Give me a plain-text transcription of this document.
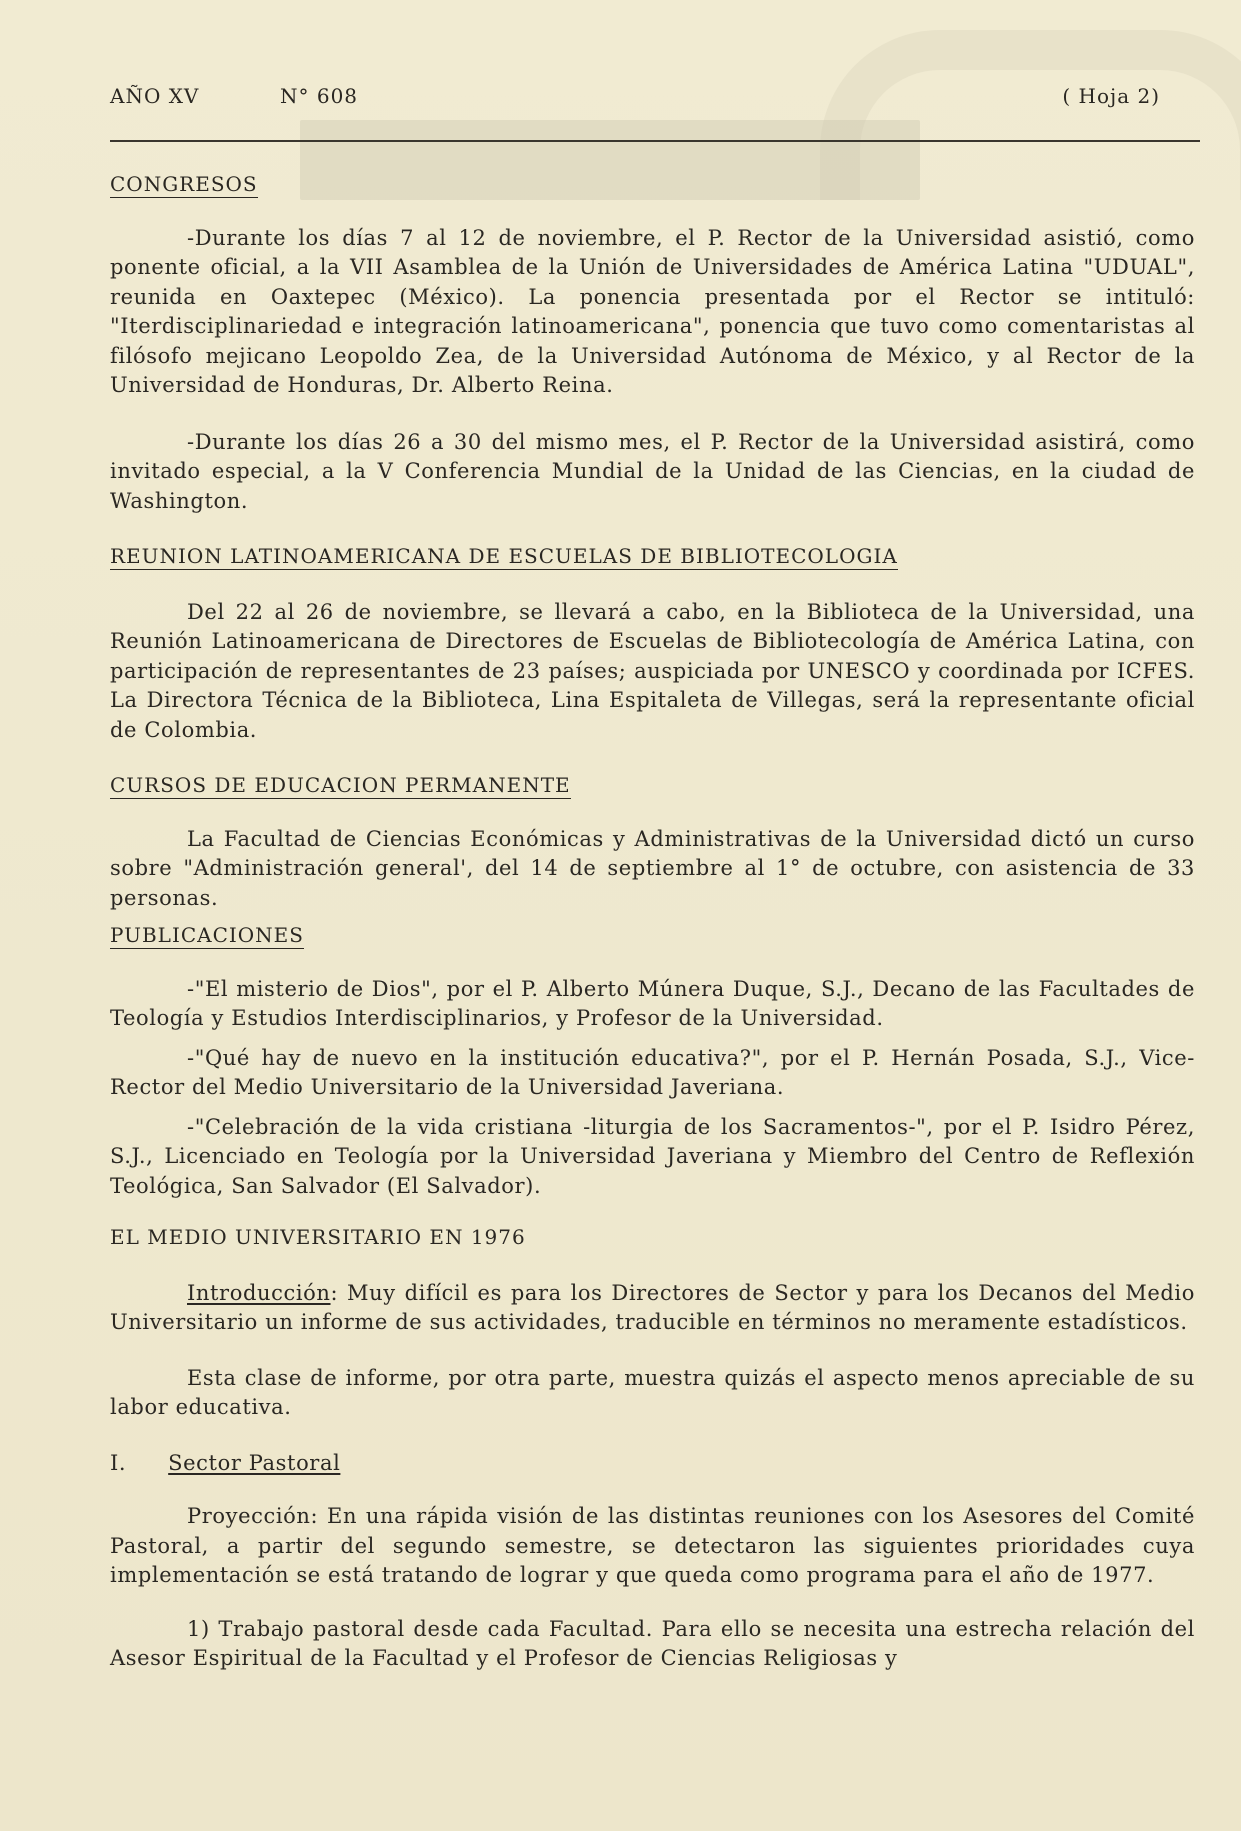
AÑO XV	N° 608	( Hoja 2)
CONGRESOS

-Durante los días 7 al 12 de noviembre, el P. Rector de la Universidad asistió, como ponente oficial, a la VII Asamblea de la Unión de Universidades de América Latina "UDUAL", reunida en Oaxtepec (México). La ponencia presentada por el Rector se intituló: "Iterdisciplinariedad e integración latinoamericana", ponencia que tuvo como comentaristas al filósofo mejicano Leopoldo Zea, de la Universidad Autónoma de México, y al Rector de la Universidad de Honduras, Dr. Alberto Reina.

-Durante los días 26 a 30 del mismo mes, el P. Rector de la Universidad asistirá, como invitado especial, a la V Conferencia Mundial de la Unidad de las Ciencias, en la ciudad de Washington.

REUNION LATINOAMERICANA DE ESCUELAS DE BIBLIOTECOLOGIA

Del 22 al 26 de noviembre, se llevará a cabo, en la Biblioteca de la Universidad, una Reunión Latinoamericana de Directores de Escuelas de Bibliotecología de América Latina, con participación de representantes de 23 países; auspiciada por UNESCO y coordinada por ICFES. La Directora Técnica de la Biblioteca, Lina Espitaleta de Villegas, será la representante oficial de Colombia.

CURSOS DE EDUCACION PERMANENTE

La Facultad de Ciencias Económicas y Administrativas de la Universidad dictó un curso sobre "Administración general', del 14 de septiembre al 1° de octubre, con asistencia de 33 personas.

PUBLICACIONES

-"El misterio de Dios", por el P. Alberto Múnera Duque, S.J., Decano de las Facultades de Teología y Estudios Interdisciplinarios, y Profesor de la Universidad.

-"Qué hay de nuevo en la institución educativa?", por el P. Hernán Posada, S.J., Vice-Rector del Medio Universitario de la Universidad Javeriana.

-"Celebración de la vida cristiana -liturgia de los Sacramentos-", por el P. Isidro Pérez, S.J., Licenciado en Teología por la Universidad Javeriana y Miembro del Centro de Reflexión Teológica, San Salvador (El Salvador).

EL MEDIO UNIVERSITARIO EN 1976

Introducción: Muy difícil es para los Directores de Sector y para los Decanos del Medio Universitario un informe de sus actividades, traducible en términos no meramente estadísticos.

Esta clase de informe, por otra parte, muestra quizás el aspecto menos apreciable de su labor educativa.

I. Sector Pastoral

Proyección: En una rápida visión de las distintas reuniones con los Asesores del Comité Pastoral, a partir del segundo semestre, se detectaron las siguientes prioridades cuya implementación se está tratando de lograr y que queda como programa para el año de 1977.

1) Trabajo pastoral desde cada Facultad. Para ello se necesita una estrecha relación del Asesor Espiritual de la Facultad y el Profesor de Ciencias Religiosas y
